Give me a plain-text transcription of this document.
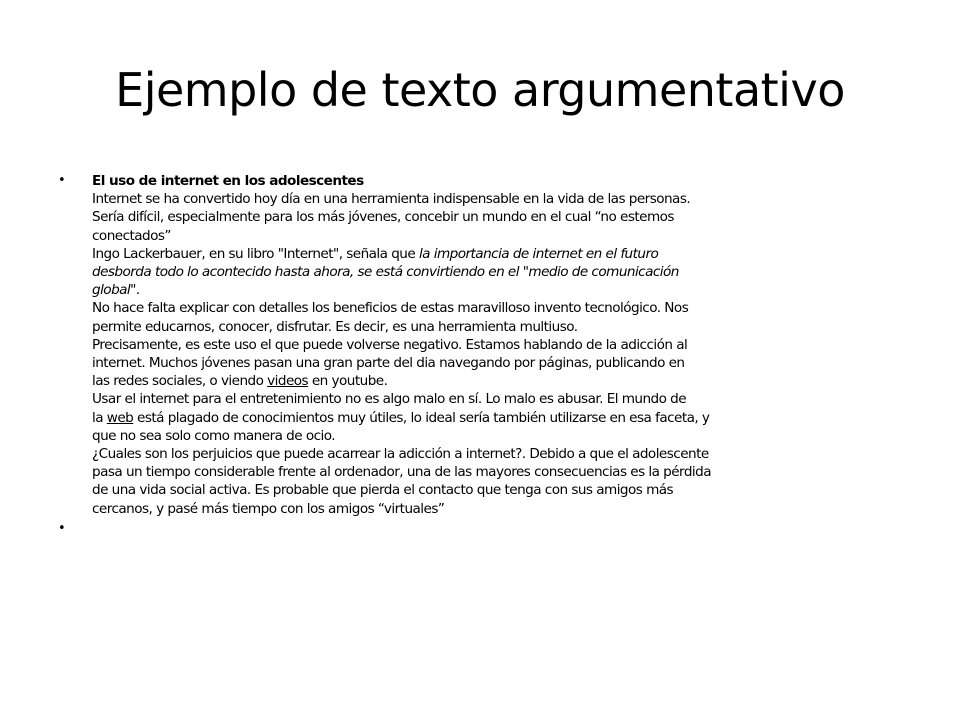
Ejemplo de texto argumentativo
• El uso de internet en los adolescentes
Internet se ha convertido hoy día en una herramienta indispensable en la vida de las personas.
Sería difícil, especialmente para los más jóvenes, concebir un mundo en el cual “no estemos
conectados”
Ingo Lackerbauer, en su libro "Internet", señala que la importancia de internet en el futuro
desborda todo lo acontecido hasta ahora, se está convirtiendo en el "medio de comunicación
global".
No hace falta explicar con detalles los beneficios de estas maravilloso invento tecnológico. Nos
permite educarnos, conocer, disfrutar. Es decir, es una herramienta multiuso.
Precisamente, es este uso el que puede volverse negativo. Estamos hablando de la adicción al
internet. Muchos jóvenes pasan una gran parte del dia navegando por páginas, publicando en
las redes sociales, o viendo videos en youtube.
Usar el internet para el entretenimiento no es algo malo en sí. Lo malo es abusar. El mundo de
la web está plagado de conocimientos muy útiles, lo ideal sería también utilizarse en esa faceta, y
que no sea solo como manera de ocio.
¿Cuales son los perjuicios que puede acarrear la adicción a internet?. Debido a que el adolescente
pasa un tiempo considerable frente al ordenador, una de las mayores consecuencias es la pérdida
de una vida social activa. Es probable que pierda el contacto que tenga con sus amigos más
cercanos, y pasé más tiempo con los amigos “virtuales”
•
